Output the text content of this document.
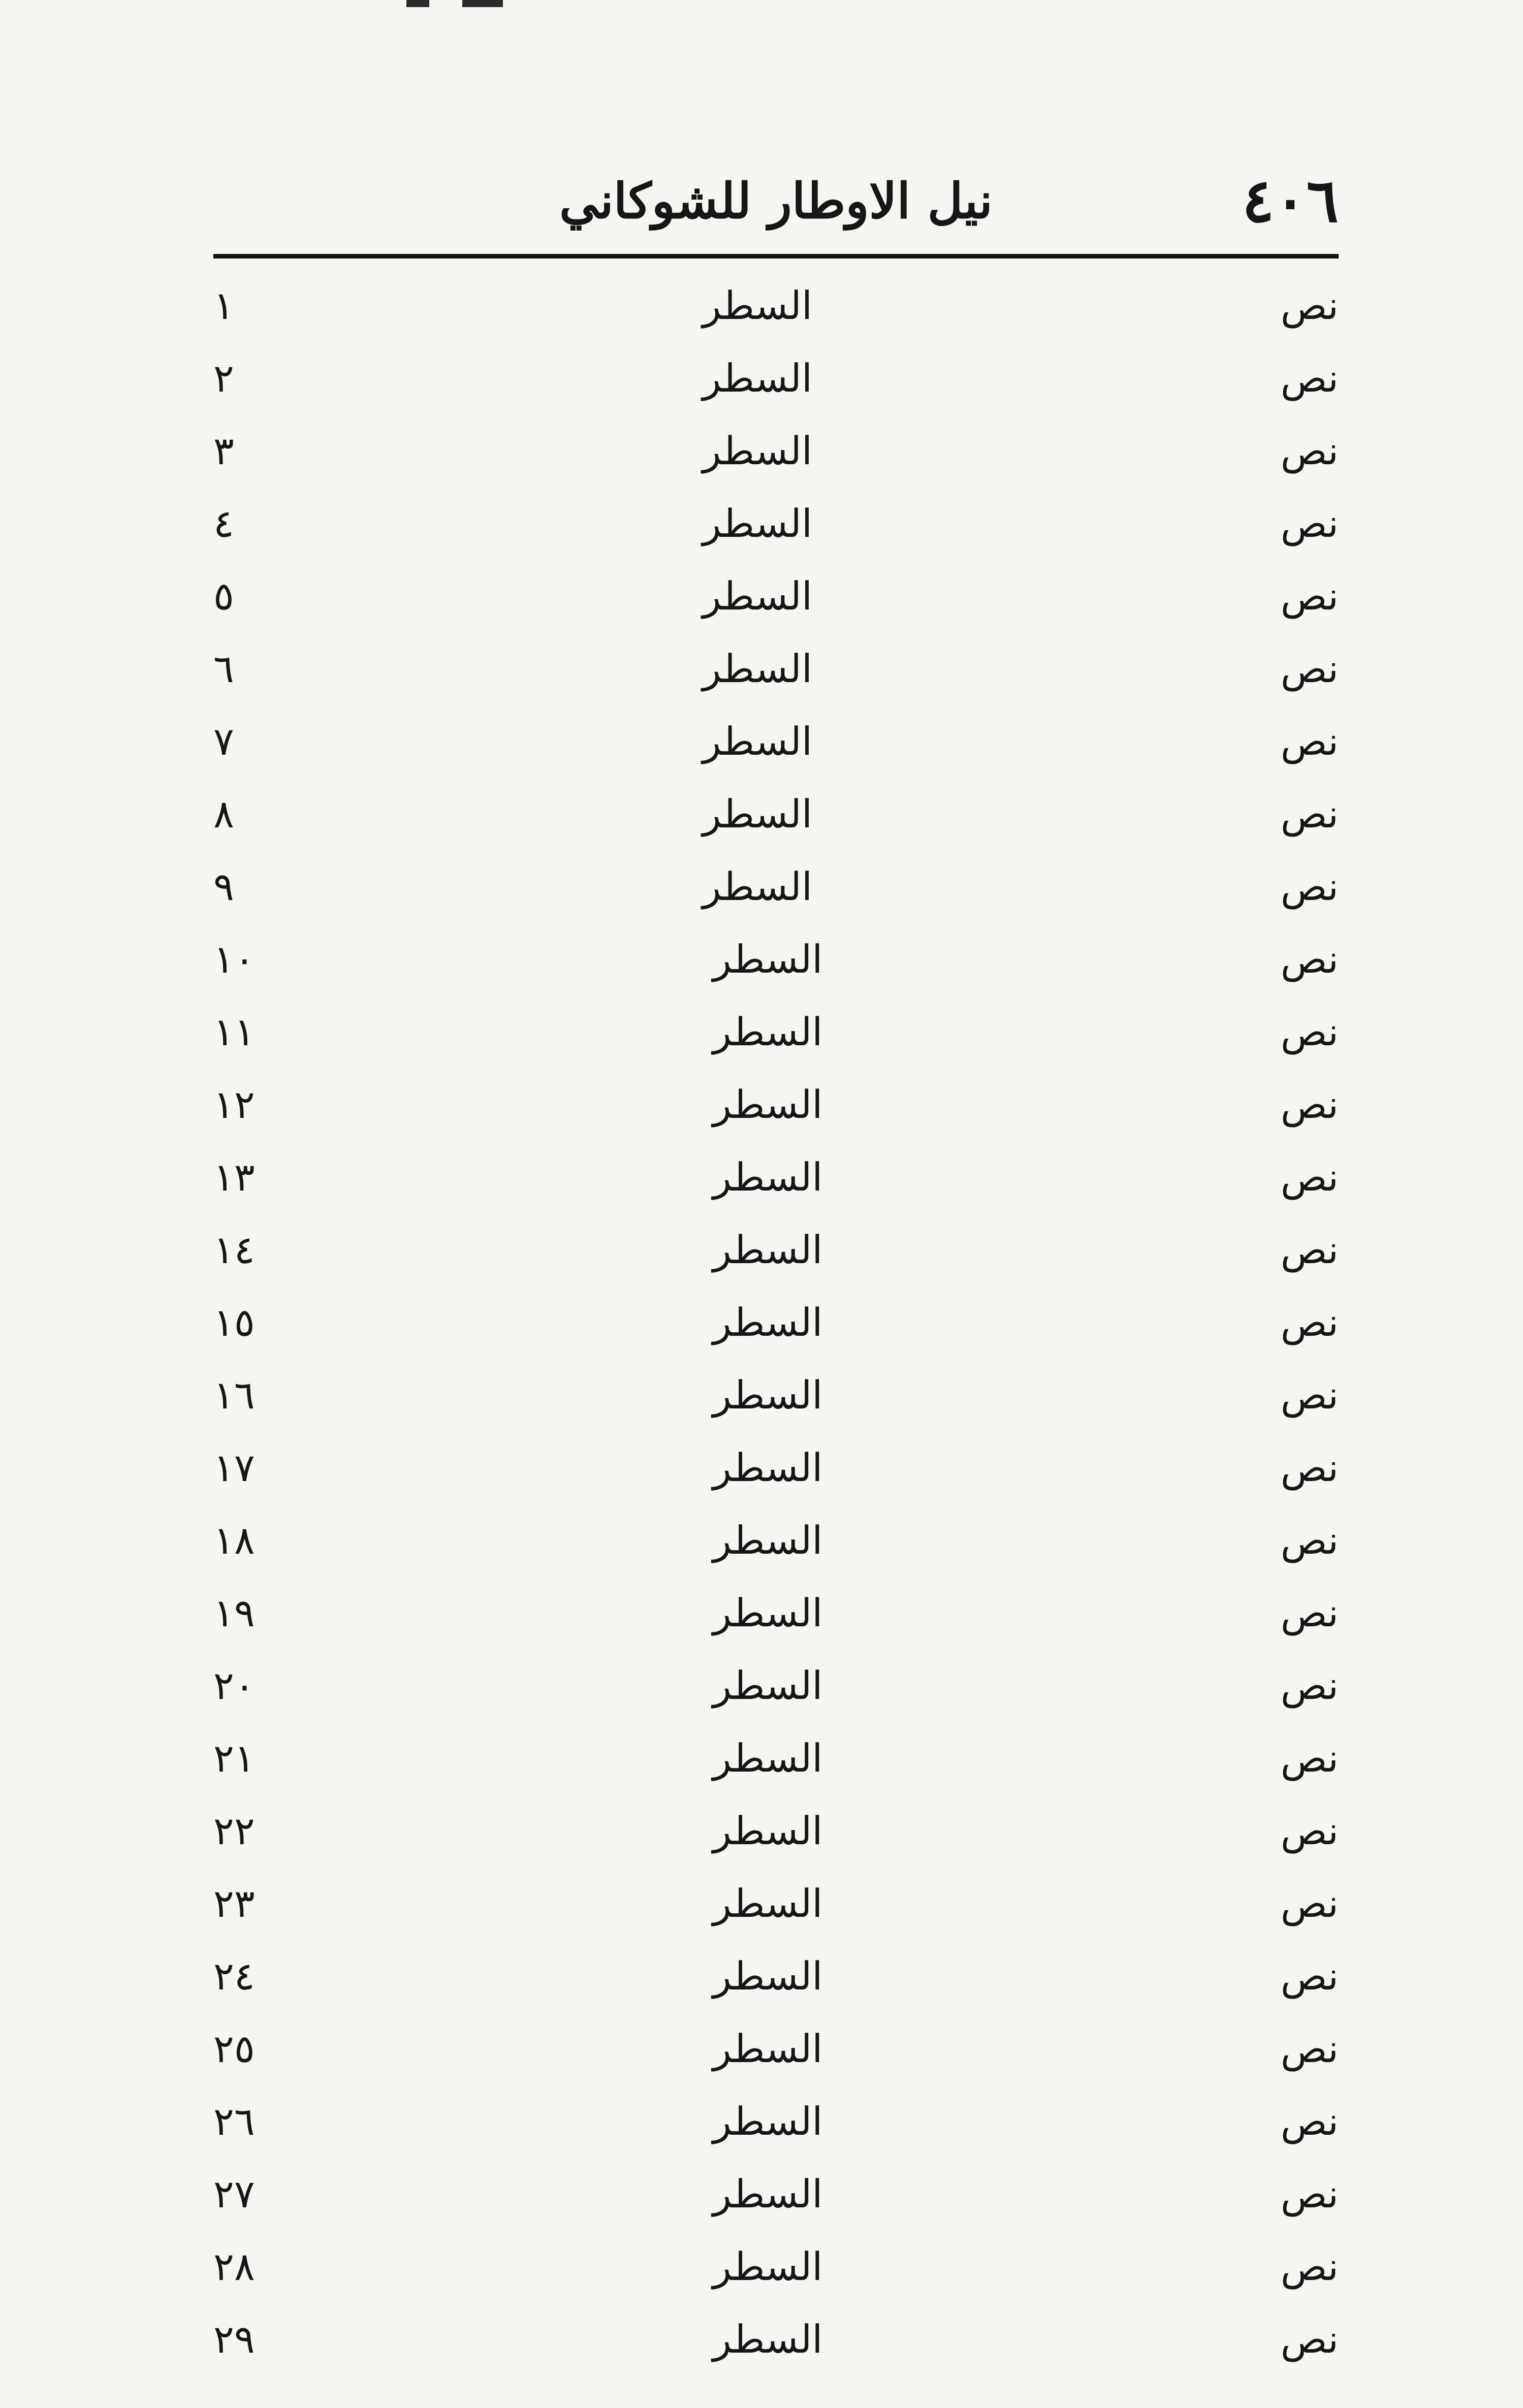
٤٠٦
نيل الاوطار للشوكاني
نص السطر ١
نص السطر ٢
نص السطر ٣
نص السطر ٤
نص السطر ٥
نص السطر ٦
نص السطر ٧
نص السطر ٨
نص السطر ٩
نص السطر ١٠
نص السطر ١١
نص السطر ١٢
نص السطر ١٣
نص السطر ١٤
نص السطر ١٥
نص السطر ١٦
نص السطر ١٧
نص السطر ١٨
نص السطر ١٩
نص السطر ٢٠
نص السطر ٢١
نص السطر ٢٢
نص السطر ٢٣
نص السطر ٢٤
نص السطر ٢٥
نص السطر ٢٦
نص السطر ٢٧
نص السطر ٢٨
نص السطر ٢٩
